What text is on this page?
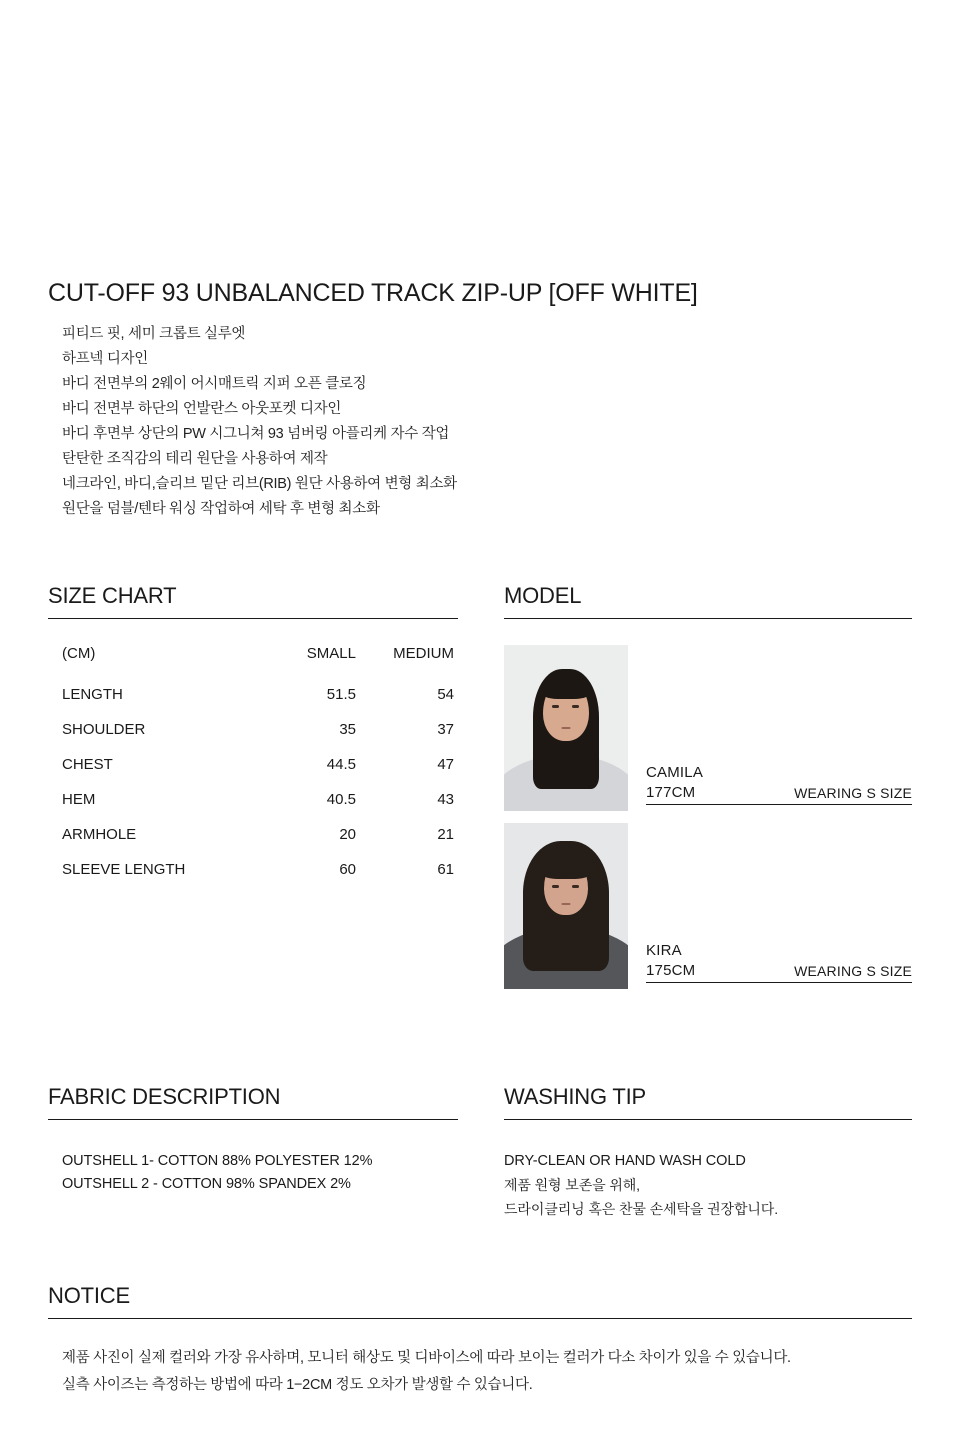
CUT-OFF 93 UNBALANCED TRACK ZIP-UP [OFF WHITE]
피티드 핏, 세미 크롭트 실루엣
하프넥 디자인
바디 전면부의 2웨이 어시매트릭 지퍼 오픈 클로징
바디 전면부 하단의 언발란스 아웃포켓 디자인
바디 후면부 상단의 PW 시그니쳐 93 넘버링 아플리케 자수 작업
탄탄한 조직감의 테리 원단을 사용하여 제작
네크라인, 바디,슬리브 밑단 리브(RIB) 원단 사용하여 변형 최소화
원단을 덤블/텐타 워싱 작업하여 세탁 후 변형 최소화
SIZE CHART
(CM)	SMALL	MEDIUM
LENGTH	51.5	54
SHOULDER	35	37
CHEST	44.5	47
HEM	40.5	43
ARMHOLE	20	21
SLEEVE LENGTH	60	61
MODEL
CAMILA
177CM	WEARING S SIZE
KIRA
175CM	WEARING S SIZE
FABRIC DESCRIPTION
OUTSHELL 1- COTTON 88% POLYESTER 12%
OUTSHELL 2 - COTTON 98% SPANDEX 2%
WASHING TIP
DRY-CLEAN OR HAND WASH COLD
제품 원형 보존을 위해,
드라이클리닝 혹은 찬물 손세탁을 권장합니다.
NOTICE
제품 사진이 실제 컬러와 가장 유사하며, 모니터 해상도 및 디바이스에 따라 보이는 컬러가 다소 차이가 있을 수 있습니다.
실측 사이즈는 측정하는 방법에 따라 1−2CM 정도 오차가 발생할 수 있습니다.
